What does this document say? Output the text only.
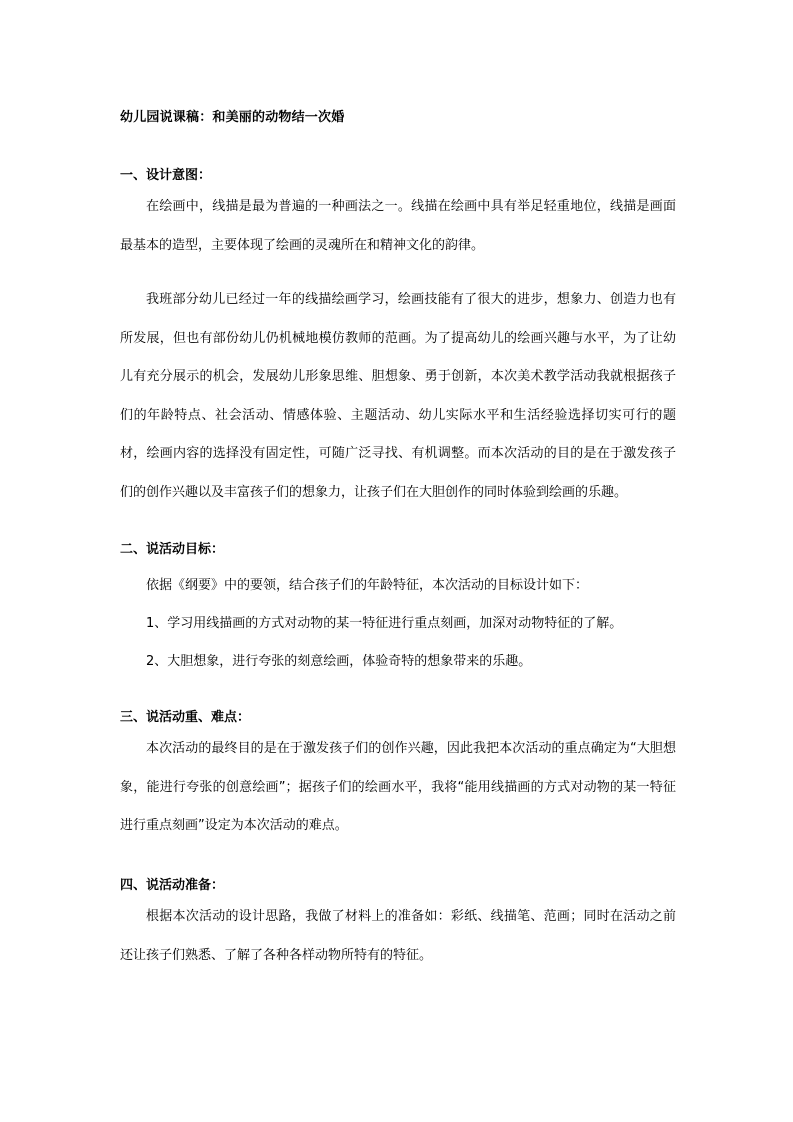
幼儿园说课稿：和美丽的动物结一次婚
一、设计意图：

在绘画中，线描是最为普遍的一种画法之一。线描在绘画中具有举足轻重地位，线描是画面最基本的造型，主要体现了绘画的灵魂所在和精神文化的韵律。

我班部分幼儿已经过一年的线描绘画学习，绘画技能有了很大的进步，想象力、创造力也有所发展，但也有部份幼儿仍机械地模仿教师的范画。为了提高幼儿的绘画兴趣与水平，为了让幼儿有充分展示的机会，发展幼儿形象思维、胆想象、勇于创新，本次美术教学活动我就根据孩子们的年龄特点、社会活动、情感体验、主题活动、幼儿实际水平和生活经验选择切实可行的题材，绘画内容的选择没有固定性，可随广泛寻找、有机调整。而本次活动的目的是在于激发孩子们的创作兴趣以及丰富孩子们的想象力，让孩子们在大胆创作的同时体验到绘画的乐趣。

二、说活动目标：
依据《纲要》中的要领，结合孩子们的年龄特征，本次活动的目标设计如下：
1、学习用线描画的方式对动物的某一特征进行重点刻画，加深对动物特征的了解。
2、大胆想象，进行夸张的刻意绘画，体验奇特的想象带来的乐趣。
三、说活动重、难点：

本次活动的最终目的是在于激发孩子们的创作兴趣，因此我把本次活动的重点确定为“大胆想象，能进行夸张的创意绘画”；据孩子们的绘画水平，我将“能用线描画的方式对动物的某一特征进行重点刻画”设定为本次活动的难点。

四、说活动准备：

根据本次活动的设计思路，我做了材料上的准备如：彩纸、线描笔、范画；同时在活动之前还让孩子们熟悉、了解了各种各样动物所特有的特征。
